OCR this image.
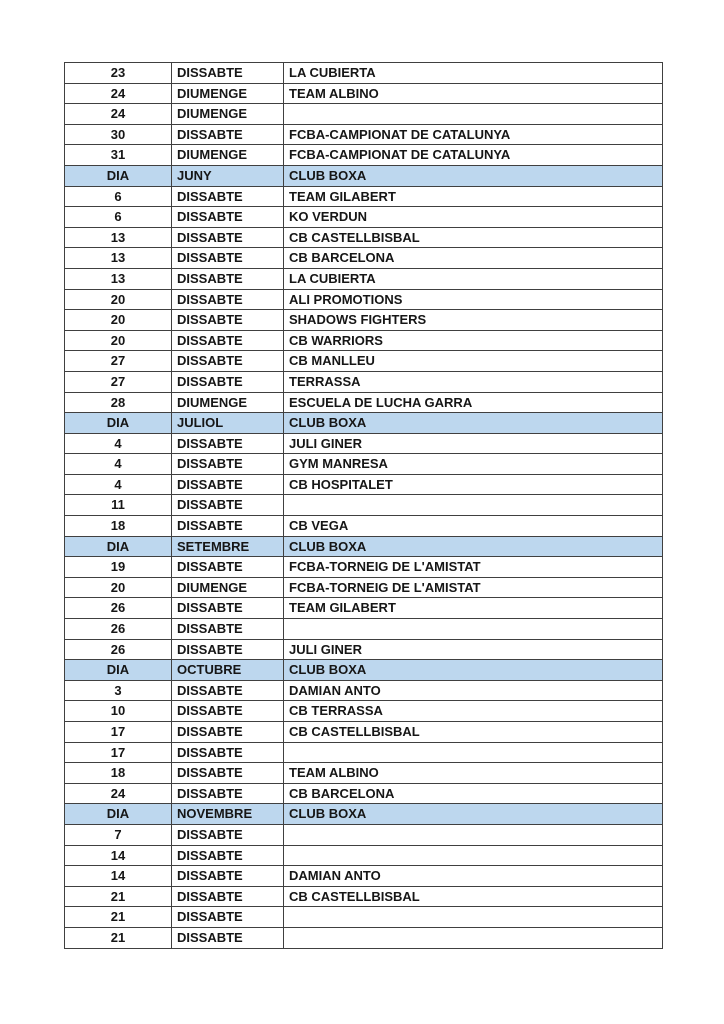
23	DISSABTE	LA CUBIERTA
24	DIUMENGE	TEAM ALBINO
24	DIUMENGE	
30	DISSABTE	FCBA-CAMPIONAT DE CATALUNYA
31	DIUMENGE	FCBA-CAMPIONAT DE CATALUNYA
DIA	JUNY	CLUB BOXA
6	DISSABTE	TEAM GILABERT
6	DISSABTE	KO VERDUN
13	DISSABTE	CB CASTELLBISBAL
13	DISSABTE	CB BARCELONA
13	DISSABTE	LA CUBIERTA
20	DISSABTE	ALI PROMOTIONS
20	DISSABTE	SHADOWS FIGHTERS
20	DISSABTE	CB WARRIORS
27	DISSABTE	CB MANLLEU
27	DISSABTE	TERRASSA
28	DIUMENGE	ESCUELA DE LUCHA GARRA
DIA	JULIOL	CLUB BOXA
4	DISSABTE	JULI GINER
4	DISSABTE	GYM MANRESA
4	DISSABTE	CB HOSPITALET
11	DISSABTE	
18	DISSABTE	CB VEGA
DIA	SETEMBRE	CLUB BOXA
19	DISSABTE	FCBA-TORNEIG DE L'AMISTAT
20	DIUMENGE	FCBA-TORNEIG DE L'AMISTAT
26	DISSABTE	TEAM GILABERT
26	DISSABTE	
26	DISSABTE	JULI GINER
DIA	OCTUBRE	CLUB BOXA
3	DISSABTE	DAMIAN ANTO
10	DISSABTE	CB TERRASSA
17	DISSABTE	CB CASTELLBISBAL
17	DISSABTE	
18	DISSABTE	TEAM ALBINO
24	DISSABTE	CB BARCELONA
DIA	NOVEMBRE	CLUB BOXA
7	DISSABTE	
14	DISSABTE	
14	DISSABTE	DAMIAN ANTO
21	DISSABTE	CB CASTELLBISBAL
21	DISSABTE	
21	DISSABTE	
